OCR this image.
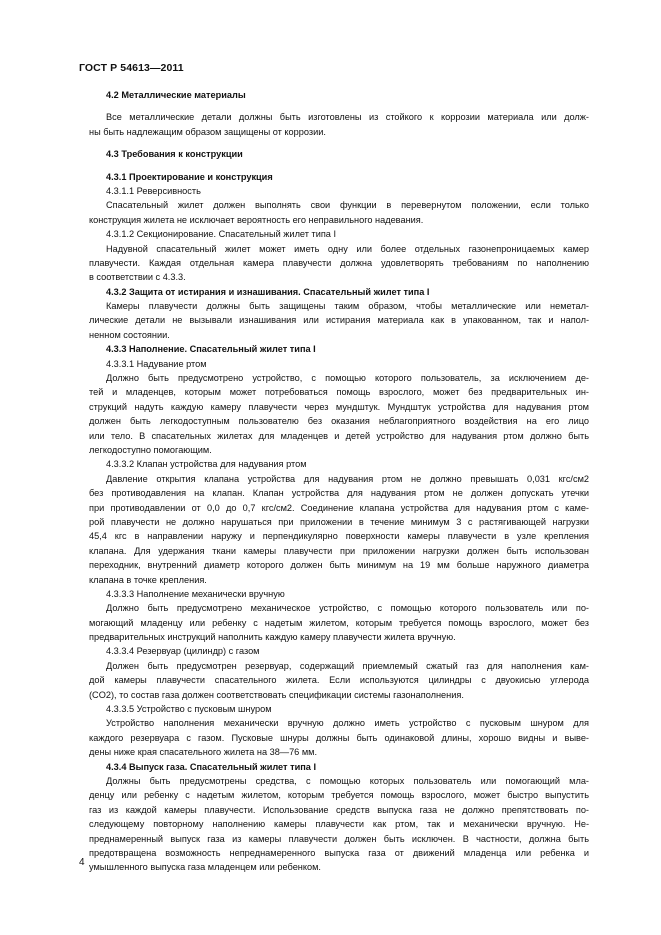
ГОСТ Р 54613—2011
4.2 Металлические материалы
Все металлические детали должны быть изготовлены из стойкого к коррозии материала или долж-
ны быть надлежащим образом защищены от коррозии.
4.3 Требования к конструкции
4.3.1 Проектирование и конструкция
4.3.1.1 Реверсивность
Спасательный жилет должен выполнять свои функции в перевернутом положении, если только
конструкция жилета не исключает вероятность его неправильного надевания.
4.3.1.2 Секционирование. Спасательный жилет типа I
Надувной спасательный жилет может иметь одну или более отдельных газонепроницаемых камер
плавучести. Каждая отдельная камера плавучести должна удовлетворять требованиям по наполнению
в соответствии с 4.3.3.
4.3.2 Защита от истирания и изнашивания. Спасательный жилет типа I
Камеры плавучести должны быть защищены таким образом, чтобы металлические или неметал-
лические детали не вызывали изнашивания или истирания материала как в упакованном, так и напол-
ненном состоянии.
4.3.3 Наполнение. Спасательный жилет типа I
4.3.3.1 Надувание ртом
Должно быть предусмотрено устройство, с помощью которого пользователь, за исключением де-
тей и младенцев, которым может потребоваться помощь взрослого, может без предварительных ин-
струкций надуть каждую камеру плавучести через мундштук. Мундштук устройства для надувания ртом
должен быть легкодоступным пользователю без оказания неблагоприятного воздействия на его лицо
или тело. В спасательных жилетах для младенцев и детей устройство для надувания ртом должно быть
легкодоступно помогающим.
4.3.3.2 Клапан устройства для надувания ртом
Давление открытия клапана устройства для надувания ртом не должно превышать 0,031 кгс/см2
без противодавления на клапан. Клапан устройства для надувания ртом не должен допускать утечки
при противодавлении от 0,0 до 0,7 кгс/см2. Соединение клапана устройства для надувания ртом с каме-
рой плавучести не должно нарушаться при приложении в течение минимум 3 с растягивающей нагрузки
45,4 кгс в направлении наружу и перпендикулярно поверхности камеры плавучести в узле крепления
клапана. Для удержания ткани камеры плавучести при приложении нагрузки должен быть использован
переходник, внутренний диаметр которого должен быть минимум на 19 мм больше наружного диаметра
клапана в точке крепления.
4.3.3.3 Наполнение механически вручную
Должно быть предусмотрено механическое устройство, с помощью которого пользователь или по-
могающий младенцу или ребенку с надетым жилетом, которым требуется помощь взрослого, может без
предварительных инструкций наполнить каждую камеру плавучести жилета вручную.
4.3.3.4 Резервуар (цилиндр) с газом
Должен быть предусмотрен резервуар, содержащий приемлемый сжатый газ для наполнения кам-
дой камеры плавучести спасательного жилета. Если используются цилиндры с двуокисью углерода
(CO2), то состав газа должен соответствовать спецификации системы газонаполнения.
4.3.3.5 Устройство с пусковым шнуром
Устройство наполнения механически вручную должно иметь устройство с пусковым шнуром для
каждого резервуара с газом. Пусковые шнуры должны быть одинаковой длины, хорошо видны и выве-
дены ниже края спасательного жилета на 38—76 мм.
4.3.4 Выпуск газа. Спасательный жилет типа I
Должны быть предусмотрены средства, с помощью которых пользователь или помогающий мла-
денцу или ребенку с надетым жилетом, которым требуется помощь взрослого, может быстро выпустить
газ из каждой камеры плавучести. Использование средств выпуска газа не должно препятствовать по-
следующему повторному наполнению камеры плавучести как ртом, так и механически вручную. Не-
преднамеренный выпуск газа из камеры плавучести должен быть исключен. В частности, должна быть
предотвращена возможность непреднамеренного выпуска газа от движений младенца или ребенка и
умышленного выпуска газа младенцем или ребенком.
4
